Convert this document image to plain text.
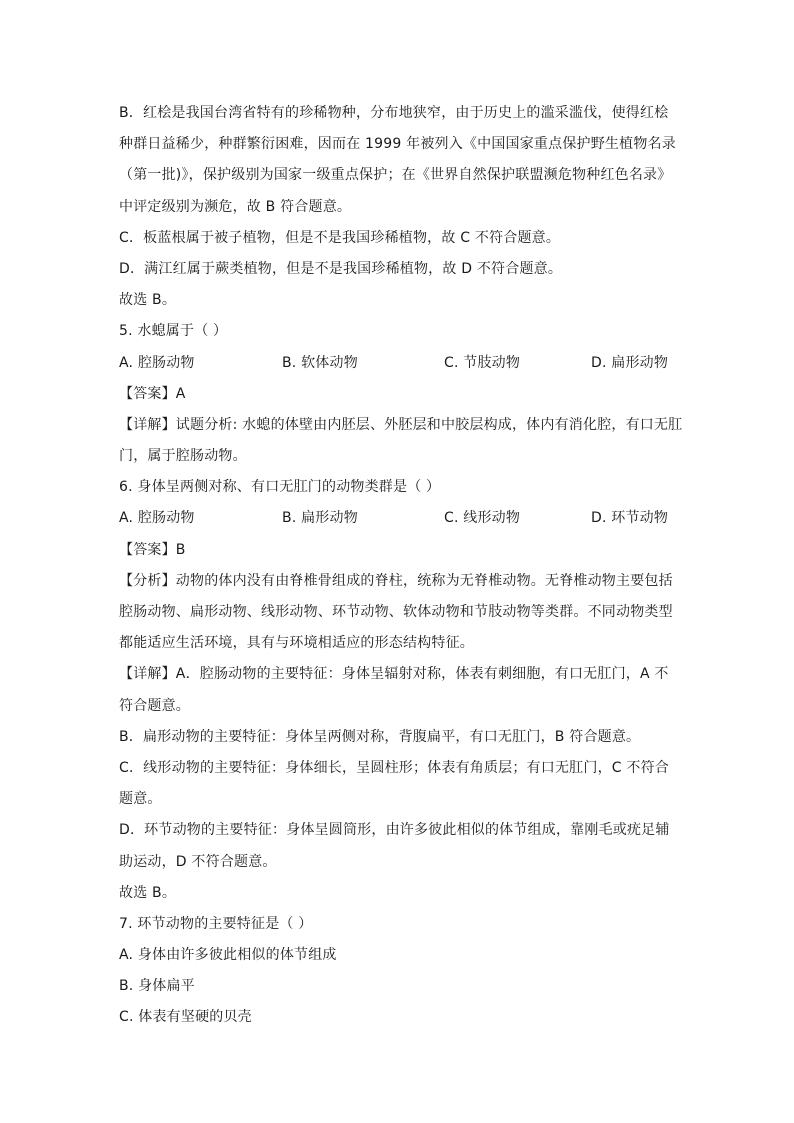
B．红桧是我国台湾省特有的珍稀物种，分布地狭窄，由于历史上的滥采滥伐，使得红桧
种群日益稀少，种群繁衍困难，因而在 1999 年被列入《中国国家重点保护野生植物名录
（第一批)》，保护级别为国家一级重点保护；在《世界自然保护联盟濒危物种红色名录》
中评定级别为濒危，故 B 符合题意。
C．板蓝根属于被子植物，但是不是我国珍稀植物，故 C 不符合题意。
D．满江红属于蕨类植物，但是不是我国珍稀植物，故 D 不符合题意。
故选 B。
5. 水螅属于（ ）
A. 腔肠动物	B. 软体动物	C. 节肢动物	D. 扁形动物
【答案】A
【详解】试题分析: 水螅的体壁由内胚层、外胚层和中胶层构成，体内有消化腔，有口无肛
门，属于腔肠动物。
6. 身体呈两侧对称、有口无肛门的动物类群是（ ）
A. 腔肠动物	B. 扁形动物	C. 线形动物	D. 环节动物
【答案】B
【分析】动物的体内没有由脊椎骨组成的脊柱，统称为无脊椎动物。无脊椎动物主要包括
腔肠动物、扁形动物、线形动物、环节动物、软体动物和节肢动物等类群。不同动物类型
都能适应生活环境，具有与环境相适应的形态结构特征。
【详解】A．腔肠动物的主要特征：身体呈辐射对称，体表有刺细胞，有口无肛门，A 不
符合题意。
B．扁形动物的主要特征：身体呈两侧对称，背腹扁平，有口无肛门，B 符合题意。
C．线形动物的主要特征：身体细长，呈圆柱形；体表有角质层；有口无肛门，C 不符合
题意。
D．环节动物的主要特征：身体呈圆筒形，由许多彼此相似的体节组成，靠刚毛或疣足辅
助运动，D 不符合题意。
故选 B。
7. 环节动物的主要特征是（ ）
A. 身体由许多彼此相似的体节组成
B. 身体扁平
C. 体表有坚硬的贝壳
